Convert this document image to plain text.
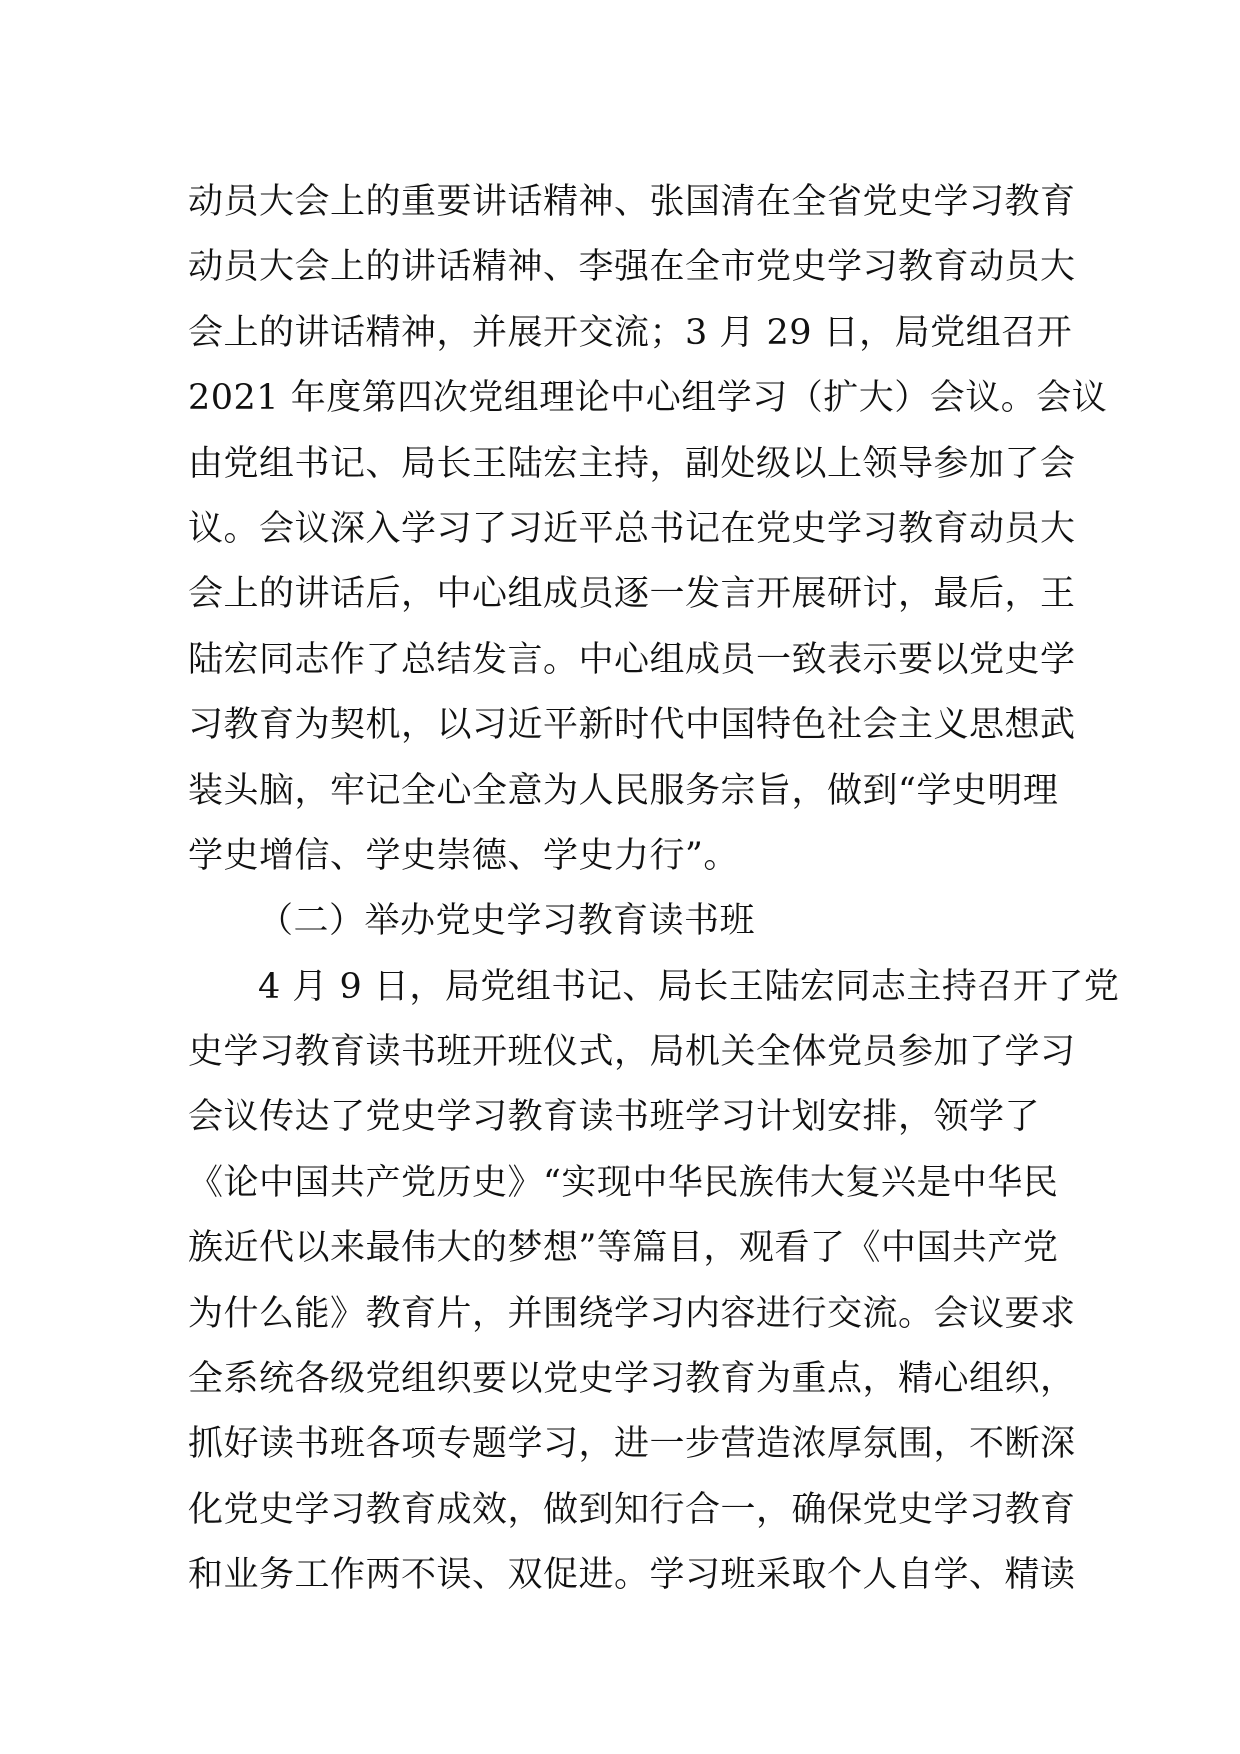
动员大会上的重要讲话精神、张国清在全省党史学习教育
动员大会上的讲话精神、李强在全市党史学习教育动员大
会上的讲话精神，并展开交流；3 月 29 日，局党组召开
2021 年度第四次党组理论中心组学习（扩大）会议。会议
由党组书记、局长王陆宏主持，副处级以上领导参加了会
议。会议深入学习了习近平总书记在党史学习教育动员大
会上的讲话后，中心组成员逐一发言开展研讨，最后，王
陆宏同志作了总结发言。中心组成员一致表示要以党史学
习教育为契机，以习近平新时代中国特色社会主义思想武
装头脑，牢记全心全意为人民服务宗旨，做到“学史明理
学史增信、学史崇德、学史力行”。
（二）举办党史学习教育读书班
4 月 9 日，局党组书记、局长王陆宏同志主持召开了党
史学习教育读书班开班仪式，局机关全体党员参加了学习
会议传达了党史学习教育读书班学习计划安排，领学了
《论中国共产党历史》“实现中华民族伟大复兴是中华民
族近代以来最伟大的梦想”等篇目，观看了《中国共产党
为什么能》教育片，并围绕学习内容进行交流。会议要求
全系统各级党组织要以党史学习教育为重点，精心组织，
抓好读书班各项专题学习，进一步营造浓厚氛围，不断深
化党史学习教育成效，做到知行合一，确保党史学习教育
和业务工作两不误、双促进。学习班采取个人自学、精读
